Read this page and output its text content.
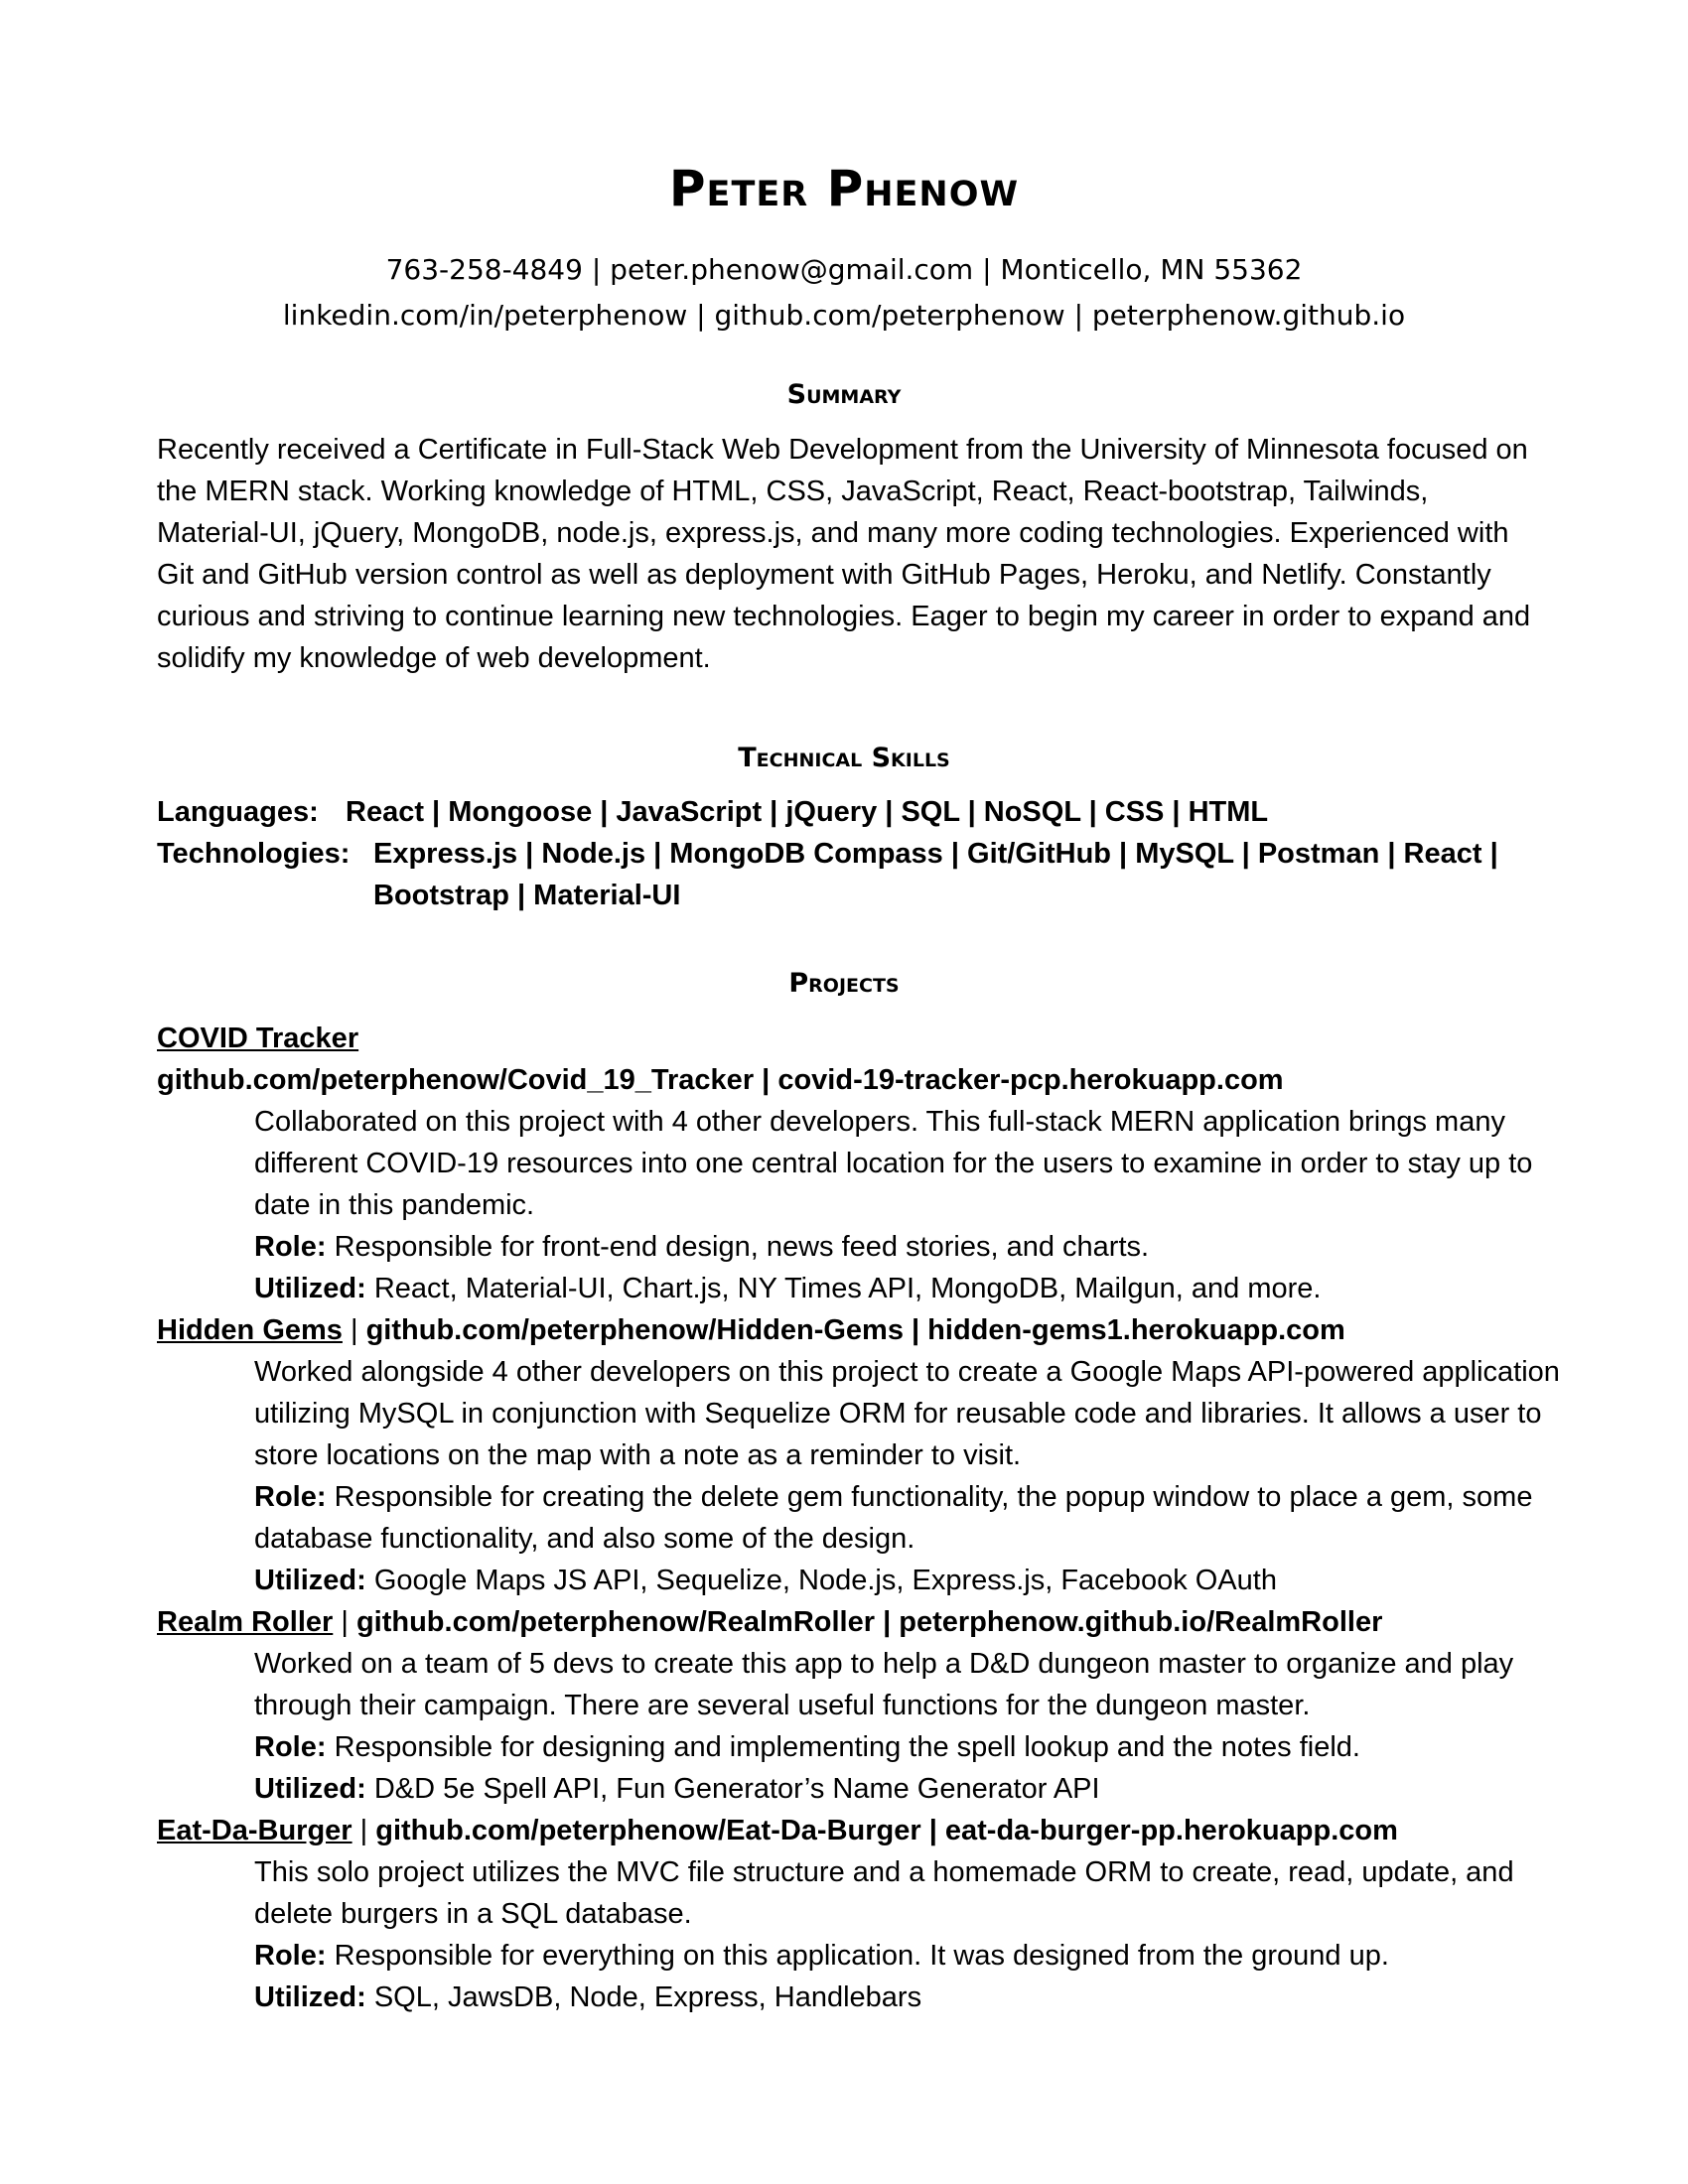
Peter Phenow
763-258-4849 | peter.phenow@gmail.com | Monticello, MN 55362
linkedin.com/in/peterphenow | github.com/peterphenow | peterphenow.github.io
Summary

Recently received a Certificate in Full-Stack Web Development from the University of Minnesota focused on the MERN stack. Working knowledge of HTML, CSS, JavaScript, React, React-bootstrap, Tailwinds, Material-UI, jQuery, MongoDB, node.js, express.js, and many more coding technologies. Experienced with Git and GitHub version control as well as deployment with GitHub Pages, Heroku, and Netlify. Constantly curious and striving to continue learning new technologies. Eager to begin my career in order to expand and solidify my knowledge of web development.

Technical Skills
Languages: React | Mongoose | JavaScript | jQuery | SQL | NoSQL | CSS | HTML
Technologies: Express.js | Node.js | MongoDB Compass | Git/GitHub | MySQL | Postman | React | Bootstrap | Material-UI
Projects
COVID Tracker
github.com/peterphenow/Covid_19_Tracker | covid-19-tracker-pcp.herokuapp.com
Collaborated on this project with 4 other developers. This full-stack MERN application brings many different COVID-19 resources into one central location for the users to examine in order to stay up to date in this pandemic.
Role: Responsible for front-end design, news feed stories, and charts.
Utilized: React, Material-UI, Chart.js, NY Times API, MongoDB, Mailgun, and more.
Hidden Gems | github.com/peterphenow/Hidden-Gems | hidden-gems1.herokuapp.com
Worked alongside 4 other developers on this project to create a Google Maps API-powered application utilizing MySQL in conjunction with Sequelize ORM for reusable code and libraries. It allows a user to store locations on the map with a note as a reminder to visit.
Role: Responsible for creating the delete gem functionality, the popup window to place a gem, some database functionality, and also some of the design.
Utilized: Google Maps JS API, Sequelize, Node.js, Express.js, Facebook OAuth
Realm Roller | github.com/peterphenow/RealmRoller | peterphenow.github.io/RealmRoller
Worked on a team of 5 devs to create this app to help a D&D dungeon master to organize and play through their campaign. There are several useful functions for the dungeon master.
Role: Responsible for designing and implementing the spell lookup and the notes field.
Utilized: D&D 5e Spell API, Fun Generator’s Name Generator API
Eat-Da-Burger | github.com/peterphenow/Eat-Da-Burger | eat-da-burger-pp.herokuapp.com
This solo project utilizes the MVC file structure and a homemade ORM to create, read, update, and delete burgers in a SQL database.
Role: Responsible for everything on this application. It was designed from the ground up.
Utilized: SQL, JawsDB, Node, Express, Handlebars
